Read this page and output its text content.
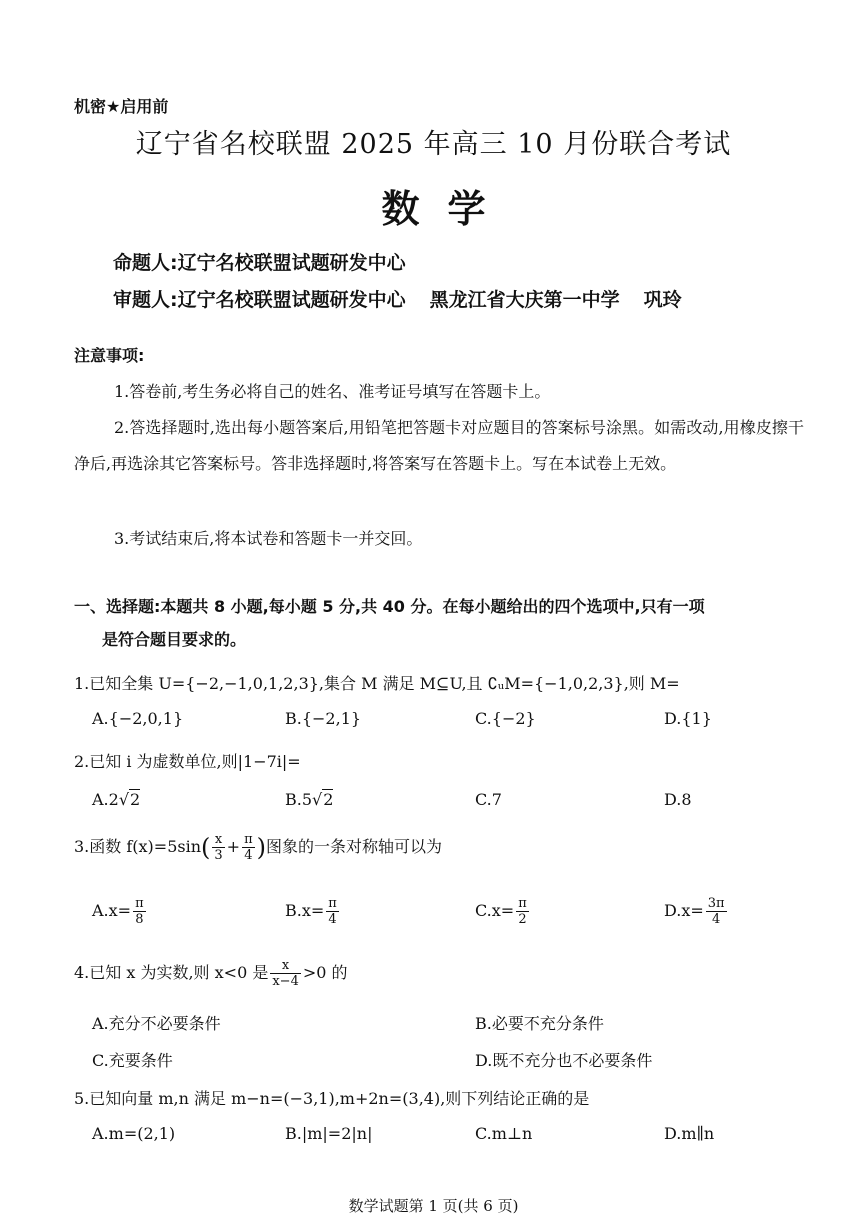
机密★启用前
辽宁省名校联盟 2025 年高三 10 月份联合考试
数学
命题人:辽宁名校联盟试题研发中心
审题人:辽宁名校联盟试题研发中心 黑龙江省大庆第一中学 巩玲
注意事项:
1.答卷前,考生务必将自己的姓名、准考证号填写在答题卡上。
2.答选择题时,选出每小题答案后,用铅笔把答题卡对应题目的答案标号涂黑。如需改动,用橡皮擦干净后,再选涂其它答案标号。答非选择题时,将答案写在答题卡上。写在本试卷上无效。
3.考试结束后,将本试卷和答题卡一并交回。
一、选择题:本题共 8 小题,每小题 5 分,共 40 分。在每小题给出的四个选项中,只有一项
是符合题目要求的。
1.已知全集 U={−2,−1,0,1,2,3},集合 M 满足 M⊆U,且 ∁ᵤM={−1,0,2,3},则 M=
A.{−2,0,1}	B.{−2,1}	C.{−2}	D.{1}
2.已知 i 为虚数单位,则|1−7i|=
A.2√2	B.5√2	C.7	D.8
3.函数 $f(x)=5\sin( \frac{x}{3} + \frac{\pi}{4}$ )图象的一条对称轴可以为
$A.x= \frac{\pi}{8}$	$B.x= \frac{\pi}{4}$	$C.x= \frac{\pi}{2}$	$D.x= \frac{3\pi}{4}$
4.已知 x 为实数,则 x<0 是 $\frac{x}{x-4} >0$ 的
A.充分不必要条件	B.必要不充分条件
C.充要条件	D.既不充分也不必要条件
5.已知向量 m,n 满足 m−n=(−3,1),m+2n=(3,4),则下列结论正确的是
A.m=(2,1)	B.|m|=2|n|	C.m⊥n	D.m∥n
数学试题第 1 页(共 6 页)
